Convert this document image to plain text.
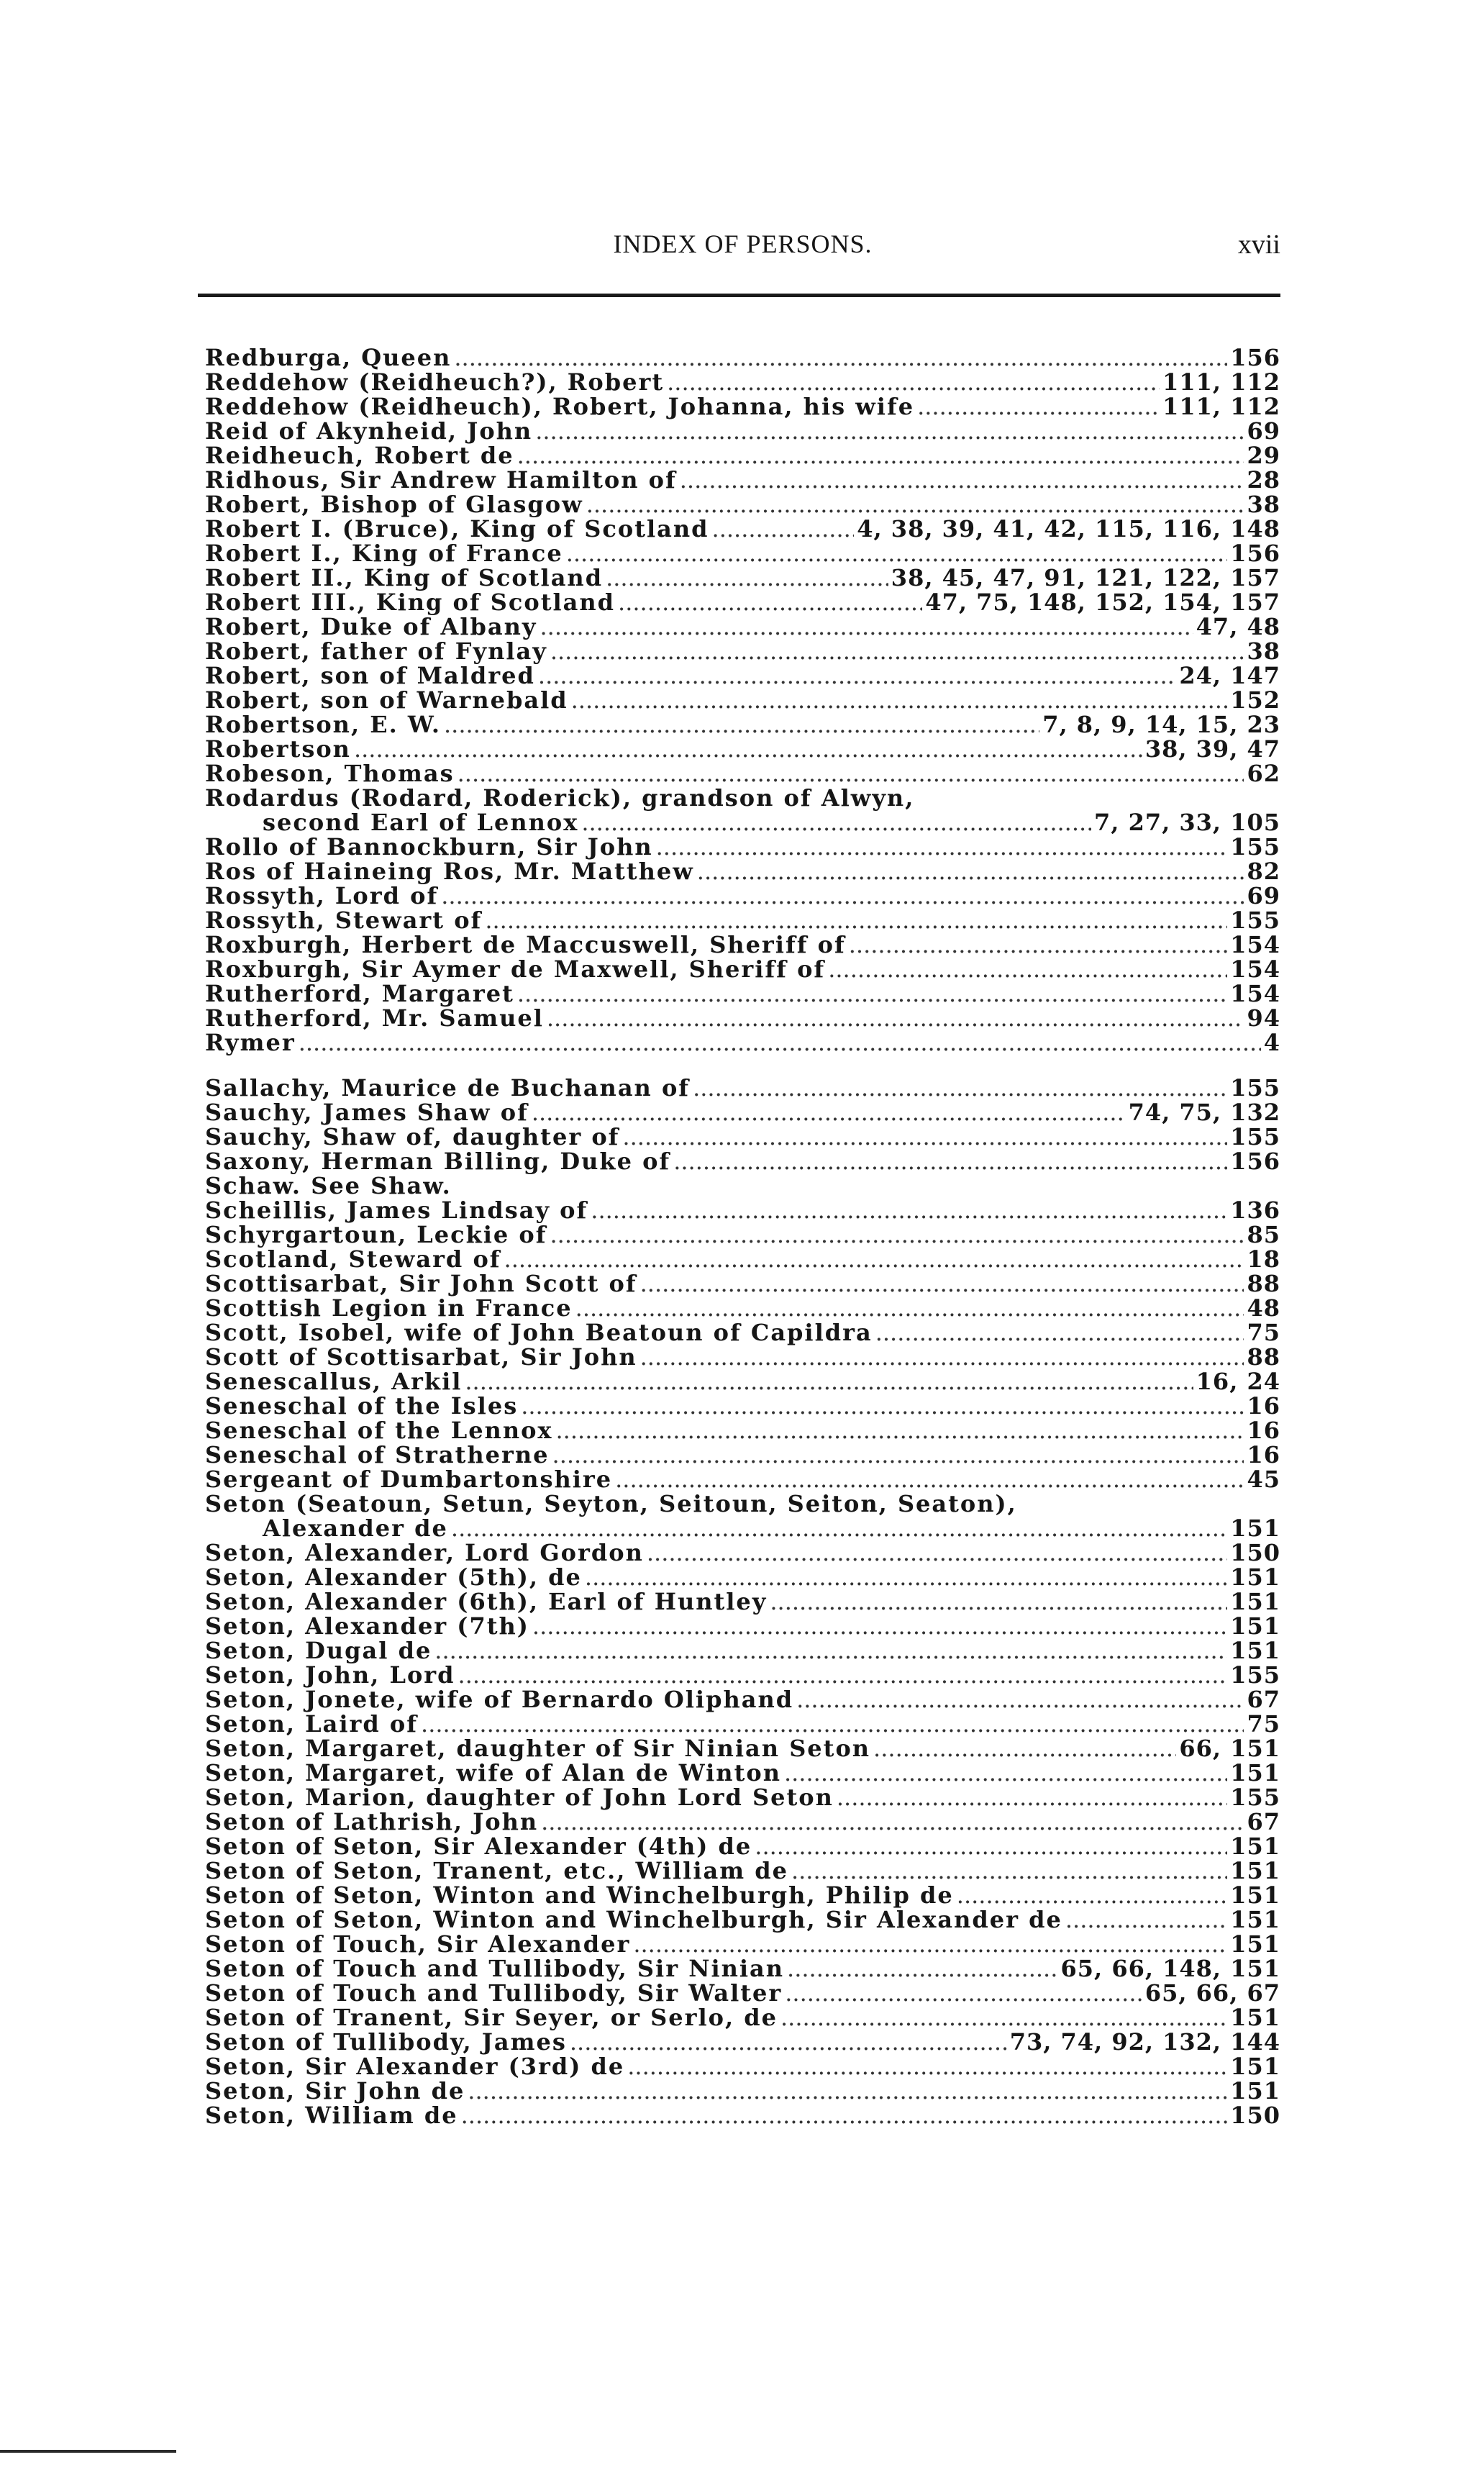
INDEX OF PERSONS.	xvii
Redburga, Queen .....	156
Reddehow (Reidheuch?), Robert .....	111, 112
Reddehow (Reidheuch), Robert, Johanna, his wife .....	111, 112
Reid of Akynheid, John .....	69
Reidheuch, Robert de .....	29
Ridhous, Sir Andrew Hamilton of .....	28
Robert, Bishop of Glasgow .....	38
Robert I. (Bruce), King of Scotland .....	4, 38, 39, 41, 42, 115, 116, 148
Robert I., King of France .....	156
Robert II., King of Scotland .....	38, 45, 47, 91, 121, 122, 157
Robert III., King of Scotland .....	47, 75, 148, 152, 154, 157
Robert, Duke of Albany .....	47, 48
Robert, father of Fynlay .....	38
Robert, son of Maldred .....	24, 147
Robert, son of Warnebald .....	152
Robertson, E. W. .....	7, 8, 9, 14, 15, 23
Robertson .....	38, 39, 47
Robeson, Thomas .....	62
Rodardus (Rodard, Roderick), grandson of Alwyn,
second Earl of Lennox .....	7, 27, 33, 105
Rollo of Bannockburn, Sir John .....	155
Ros of Haineing Ros, Mr. Matthew .....	82
Rossyth, Lord of .....	69
Rossyth, Stewart of .....	155
Roxburgh, Herbert de Maccuswell, Sheriff of .....	154
Roxburgh, Sir Aymer de Maxwell, Sheriff of .....	154
Rutherford, Margaret .....	154
Rutherford, Mr. Samuel .....	94
Rymer .....	4
Sallachy, Maurice de Buchanan of .....	155
Sauchy, James Shaw of .....	74, 75, 132
Sauchy, Shaw of, daughter of .....	155
Saxony, Herman Billing, Duke of .....	156
Schaw. See Shaw.
Scheillis, James Lindsay of .....	136
Schyrgartoun, Leckie of .....	85
Scotland, Steward of .....	18
Scottisarbat, Sir John Scott of .....	88
Scottish Legion in France .....	48
Scott, Isobel, wife of John Beatoun of Capildra .....	75
Scott of Scottisarbat, Sir John .....	88
Senescallus, Arkil .....	16, 24
Seneschal of the Isles .....	16
Seneschal of the Lennox .....	16
Seneschal of Stratherne .....	16
Sergeant of Dumbartonshire .....	45
Seton (Seatoun, Setun, Seyton, Seitoun, Seiton, Seaton),
Alexander de .....	151
Seton, Alexander, Lord Gordon .....	150
Seton, Alexander (5th), de .....	151
Seton, Alexander (6th), Earl of Huntley .....	151
Seton, Alexander (7th) .....	151
Seton, Dugal de .....	151
Seton, John, Lord .....	155
Seton, Jonete, wife of Bernardo Oliphand .....	67
Seton, Laird of .....	75
Seton, Margaret, daughter of Sir Ninian Seton .....	66, 151
Seton, Margaret, wife of Alan de Winton .....	151
Seton, Marion, daughter of John Lord Seton .....	155
Seton of Lathrish, John .....	67
Seton of Seton, Sir Alexander (4th) de .....	151
Seton of Seton, Tranent, etc., William de .....	151
Seton of Seton, Winton and Winchelburgh, Philip de .....	151
Seton of Seton, Winton and Winchelburgh, Sir Alexander de .....	151
Seton of Touch, Sir Alexander .....	151
Seton of Touch and Tullibody, Sir Ninian .....	65, 66, 148, 151
Seton of Touch and Tullibody, Sir Walter .....	65, 66, 67
Seton of Tranent, Sir Seyer, or Serlo, de .....	151
Seton of Tullibody, James .....	73, 74, 92, 132, 144
Seton, Sir Alexander (3rd) de .....	151
Seton, Sir John de .....	151
Seton, William de .....	150
